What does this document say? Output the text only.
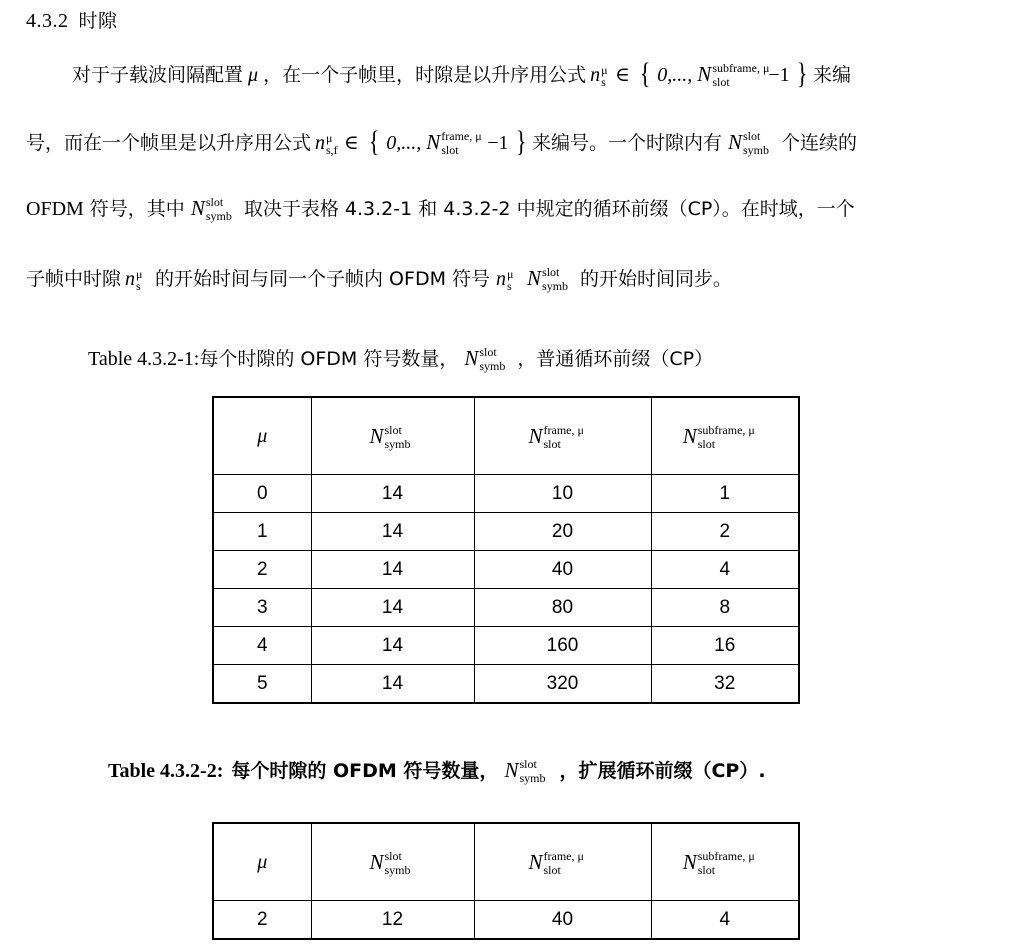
4.3.2 时隙
对于子载波间隔配置 μ ，在一个子帧里，时隙是以升序用公式 n μ
s ∈ { 0,..., N subframe, μ
slot −1 } 来编
号，而在一个帧里是以升序用公式 n μ
s,f ∈ { 0,..., N frame, μ
slot −1 } 来编号。一个时隙内有 N slot
symb
个连续的
OFDM 符号，其中 N slot
symb
取决于表格 4.3.2-1 和 4.3.2-2 中规定的循环前缀（CP）。在时域，一个
子帧中时隙 n μ
s
的开始时间与同一个子帧内 OFDM 符号 n μ
s N slot
symb
的开始时间同步。
Table 4.3.2-1: 每个时隙的 OFDM 符号数量， N slot
symb
，普通循环前缀（CP）
μ	N slot
symb	N frame, μ
slot	N subframe, μ
slot

0	14	10	1
1	14	20	2
2	14	40	4
3	14	80	8
4	14	160	16
5	14	320	32
Table 4.3.2-2: 每个时隙的 OFDM 符号数量， N slot
symb
，扩展循环前缀（CP）.
μ	N slot
symb	N frame, μ
slot	N subframe, μ
slot

2	12	40	4
